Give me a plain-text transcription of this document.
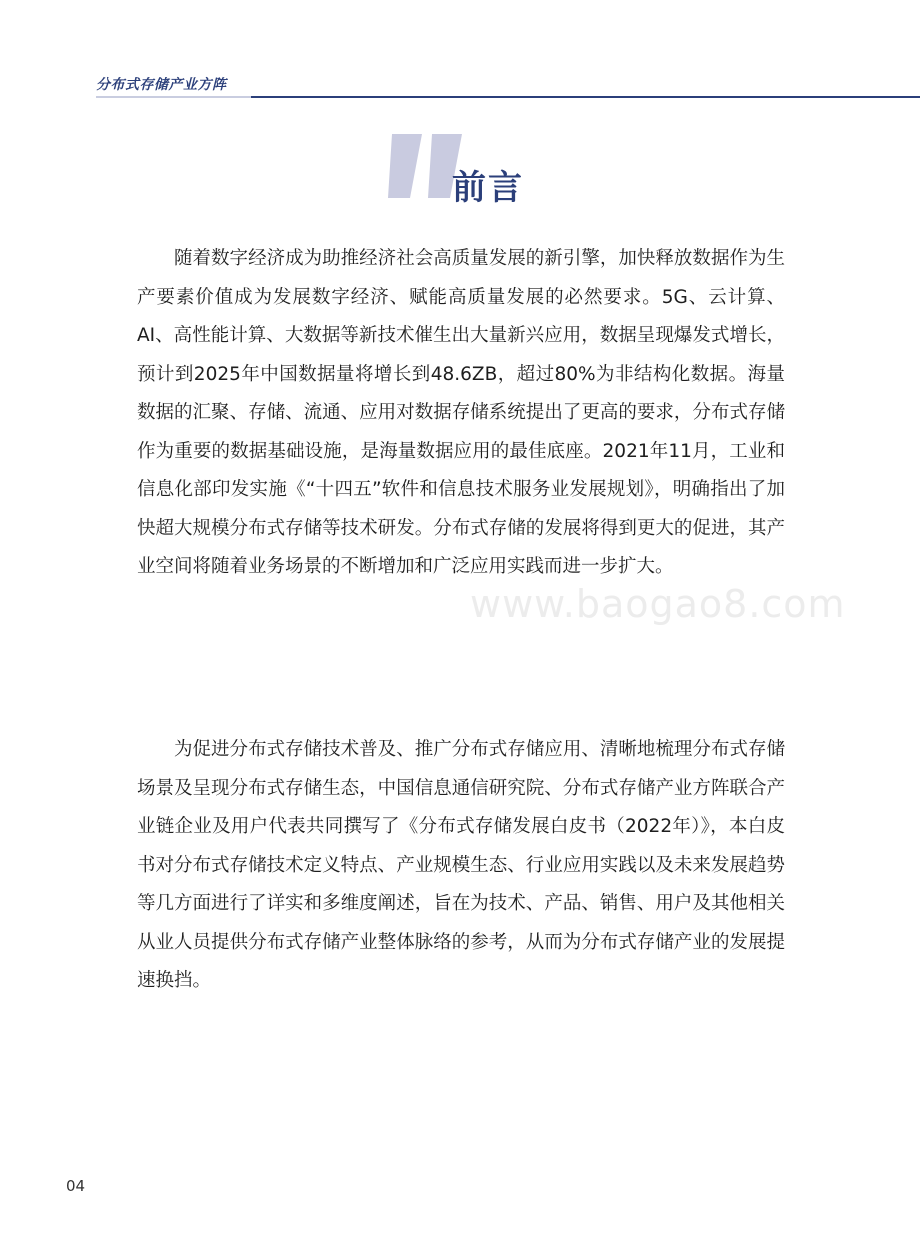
分布式存储产业方阵
前言
www.baogao8.com

随着数字经济成为助推经济社会高质量发展的新引擎，加快释放数据作为生产要素价值成为发展数字经济、赋能高质量发展的必然要求。5G、云计算、AI、高性能计算、大数据等新技术催生出大量新兴应用，数据呈现爆发式增长，预计到2025年中国数据量将增长到48.6ZB，超过80%为非结构化数据。海量数据的汇聚、存储、流通、应用对数据存储系统提出了更高的要求，分布式存储作为重要的数据基础设施，是海量数据应用的最佳底座。2021年11月，工业和信息化部印发实施《“十四五”软件和信息技术服务业发展规划》，明确指出了加快超大规模分布式存储等技术研发。分布式存储的发展将得到更大的促进，其产业空间将随着业务场景的不断增加和广泛应用实践而进一步扩大。

为促进分布式存储技术普及、推广分布式存储应用、清晰地梳理分布式存储场景及呈现分布式存储生态，中国信息通信研究院、分布式存储产业方阵联合产业链企业及用户代表共同撰写了《分布式存储发展白皮书（2022年）》，本白皮书对分布式存储技术定义特点、产业规模生态、行业应用实践以及未来发展趋势等几方面进行了详实和多维度阐述，旨在为技术、产品、销售、用户及其他相关从业人员提供分布式存储产业整体脉络的参考，从而为分布式存储产业的发展提速换挡。

04
